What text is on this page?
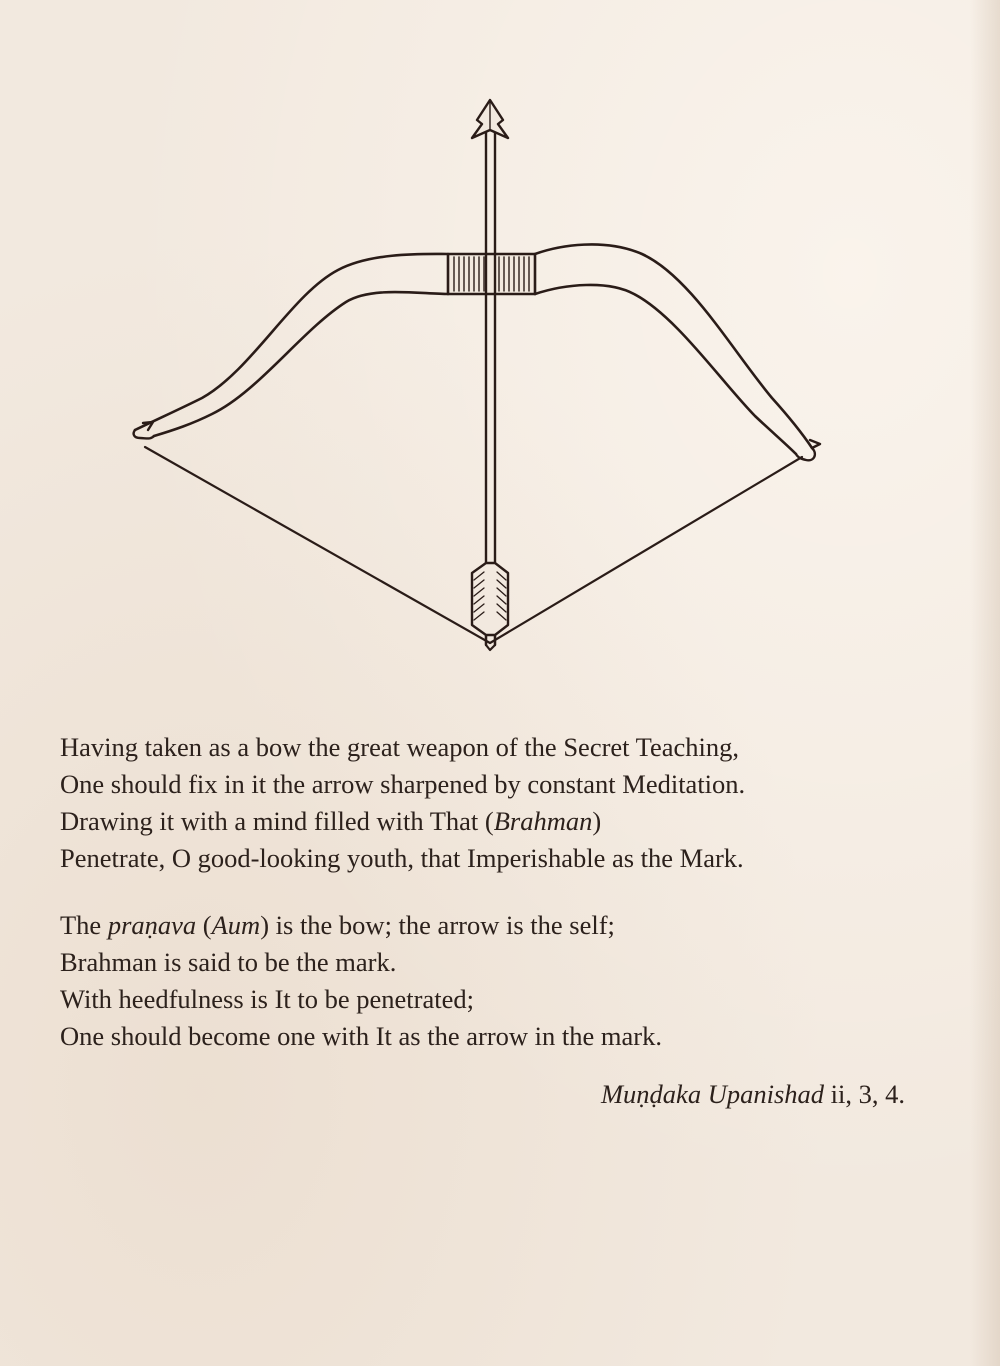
Having taken as a bow the great weapon of the Secret Teaching,
One should fix in it the arrow sharpened by constant Meditation.
Drawing it with a mind filled with That (Brahman)
Penetrate, O good-looking youth, that Imperishable as the Mark.
The praṇava (Aum) is the bow; the arrow is the self;
Brahman is said to be the mark.
With heedfulness is It to be penetrated;
One should become one with It as the arrow in the mark.
Muṇḍaka Upanishad ii, 3, 4.
